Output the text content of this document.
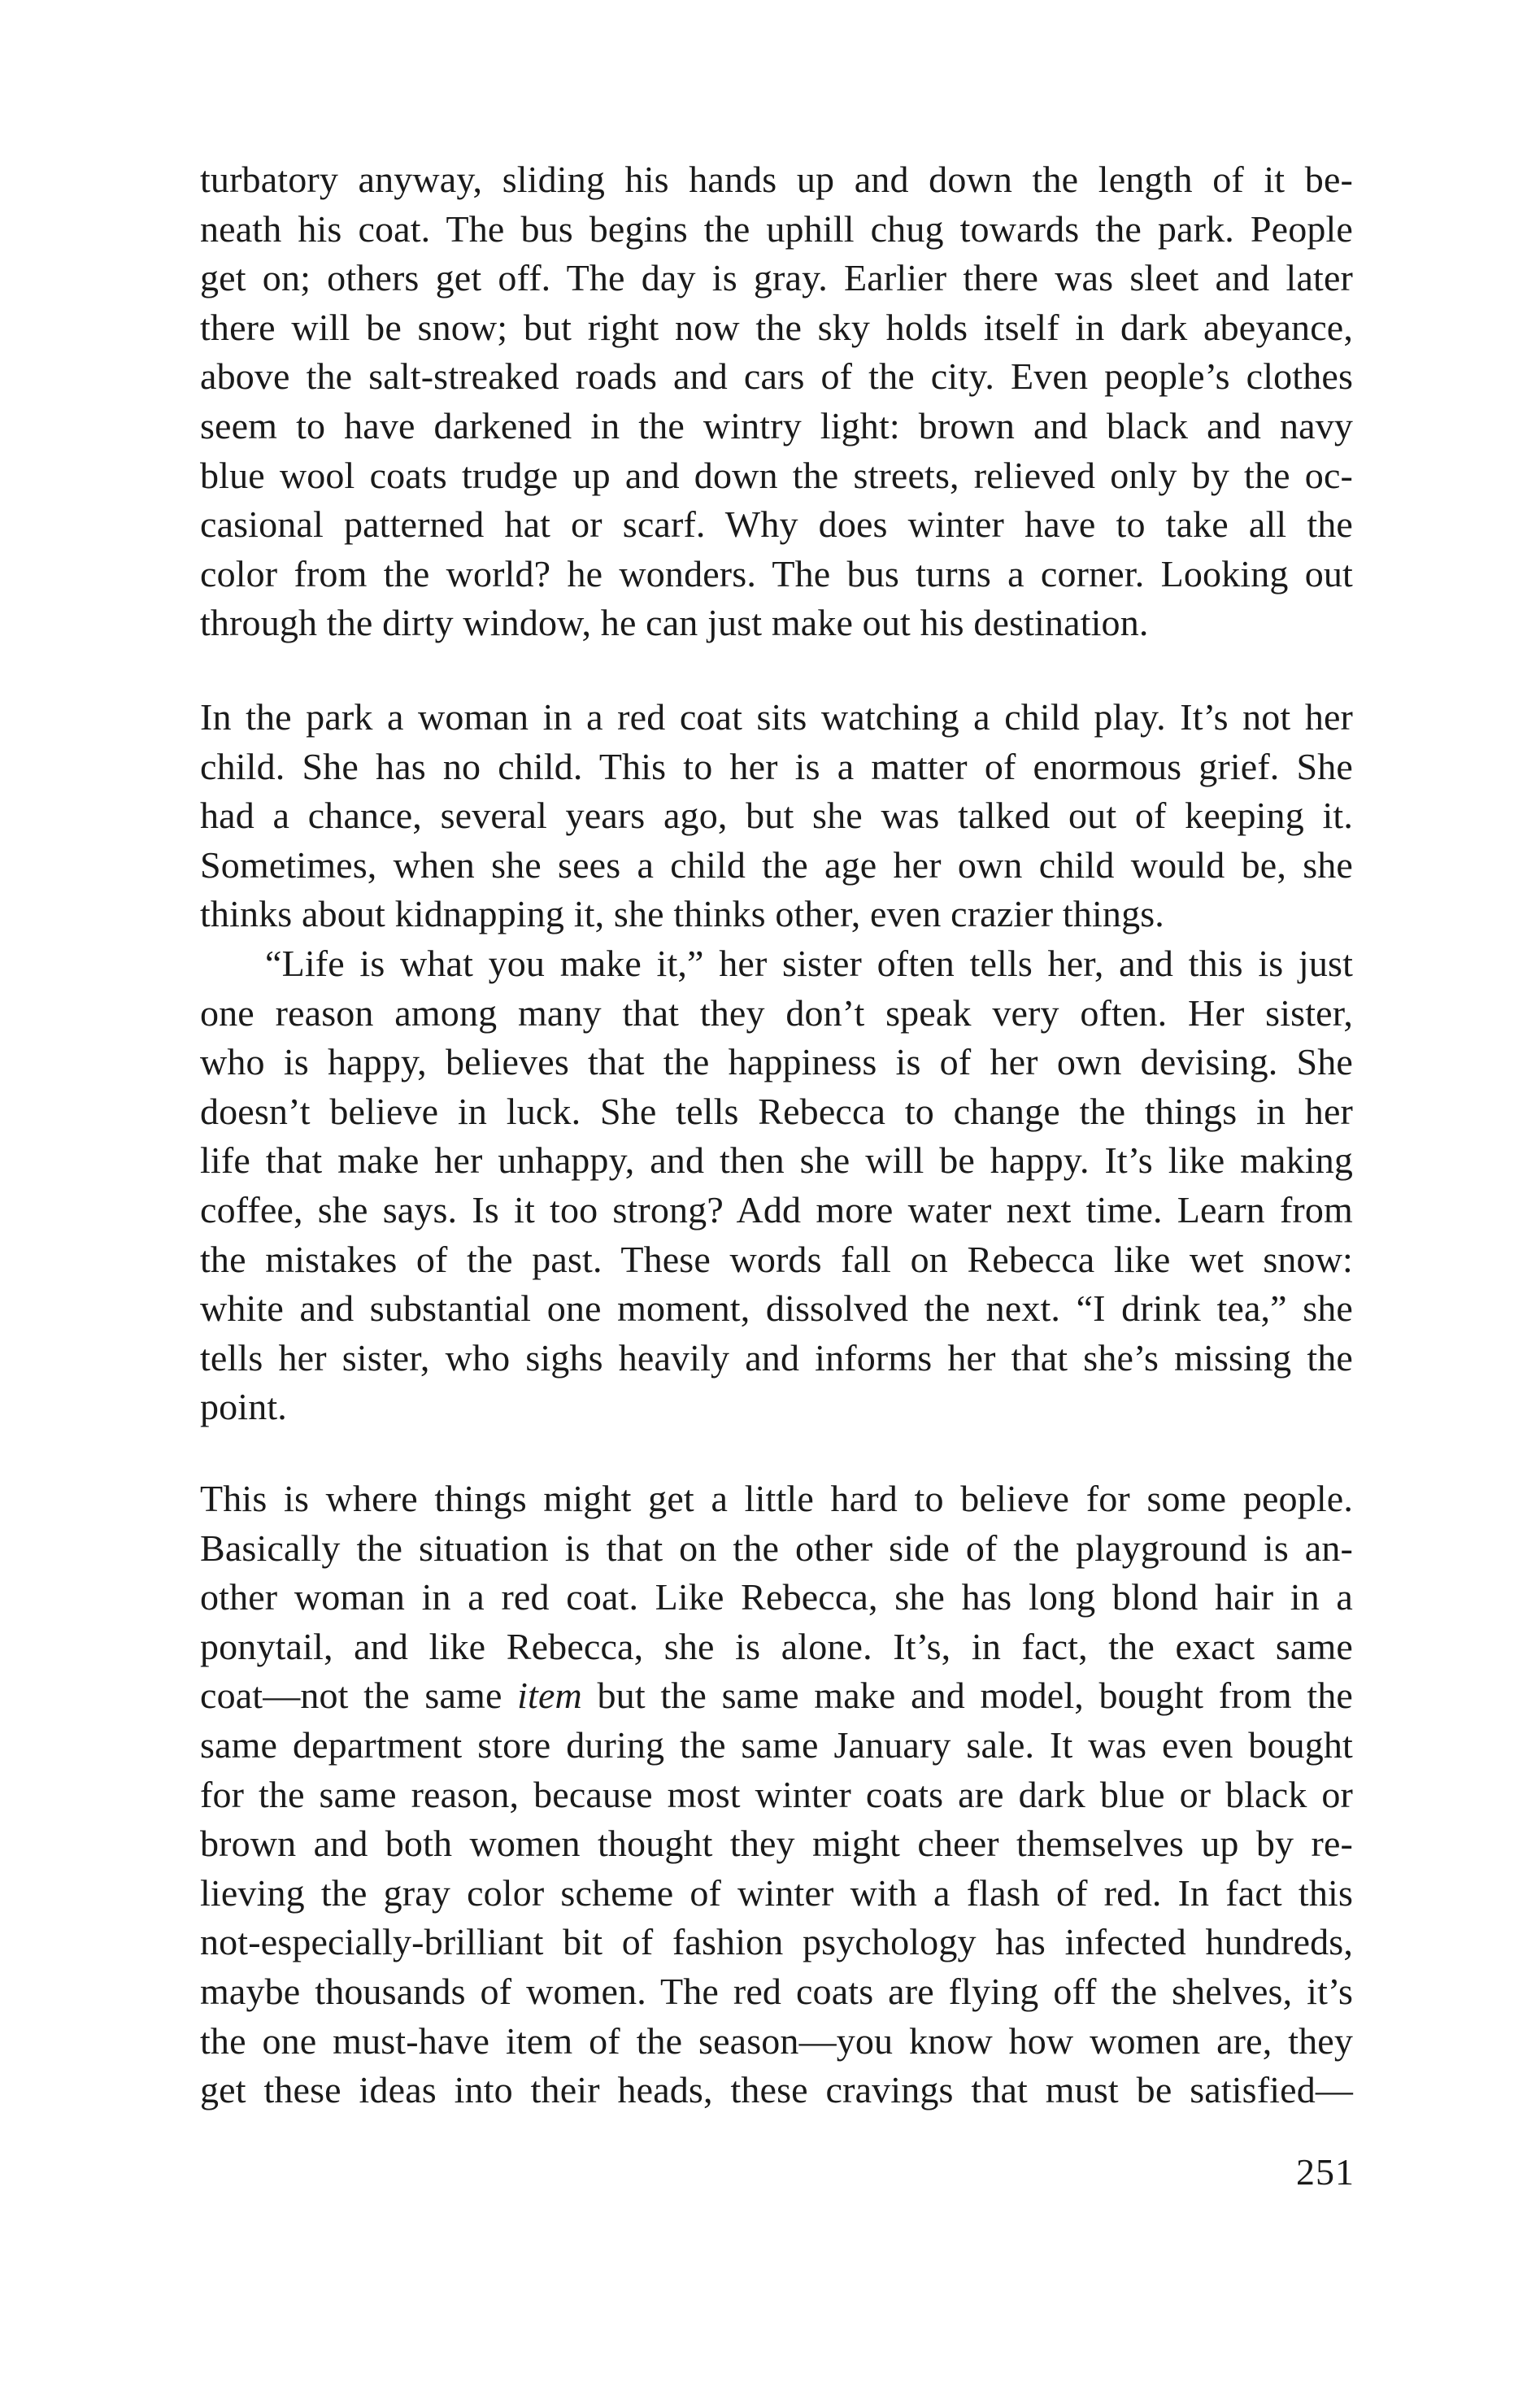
turbatory anyway, sliding his hands up and down the length of it be-
neath his coat. The bus begins the uphill chug towards the park. People
get on; others get off. The day is gray. Earlier there was sleet and later
there will be snow; but right now the sky holds itself in dark abeyance,
above the salt-streaked roads and cars of the city. Even people’s clothes
seem to have darkened in the wintry light: brown and black and navy
blue wool coats trudge up and down the streets, relieved only by the oc-
casional patterned hat or scarf. Why does winter have to take all the
color from the world? he wonders. The bus turns a corner. Looking out
through the dirty window, he can just make out his destination.
In the park a woman in a red coat sits watching a child play. It’s not her
child. She has no child. This to her is a matter of enormous grief. She
had a chance, several years ago, but she was talked out of keeping it.
Sometimes, when she sees a child the age her own child would be, she
thinks about kidnapping it, she thinks other, even crazier things.
“Life is what you make it,” her sister often tells her, and this is just
one reason among many that they don’t speak very often. Her sister,
who is happy, believes that the happiness is of her own devising. She
doesn’t believe in luck. She tells Rebecca to change the things in her
life that make her unhappy, and then she will be happy. It’s like making
coffee, she says. Is it too strong? Add more water next time. Learn from
the mistakes of the past. These words fall on Rebecca like wet snow:
white and substantial one moment, dissolved the next. “I drink tea,” she
tells her sister, who sighs heavily and informs her that she’s missing the
point.
This is where things might get a little hard to believe for some people.
Basically the situation is that on the other side of the playground is an-
other woman in a red coat. Like Rebecca, she has long blond hair in a
ponytail, and like Rebecca, she is alone. It’s, in fact, the exact same
coat—not the same item but the same make and model, bought from the
same department store during the same January sale. It was even bought
for the same reason, because most winter coats are dark blue or black or
brown and both women thought they might cheer themselves up by re-
lieving the gray color scheme of winter with a flash of red. In fact this
not-especially-brilliant bit of fashion psychology has infected hundreds,
maybe thousands of women. The red coats are flying off the shelves, it’s
the one must-have item of the season—you know how women are, they
get these ideas into their heads, these cravings that must be satisfied—
251
